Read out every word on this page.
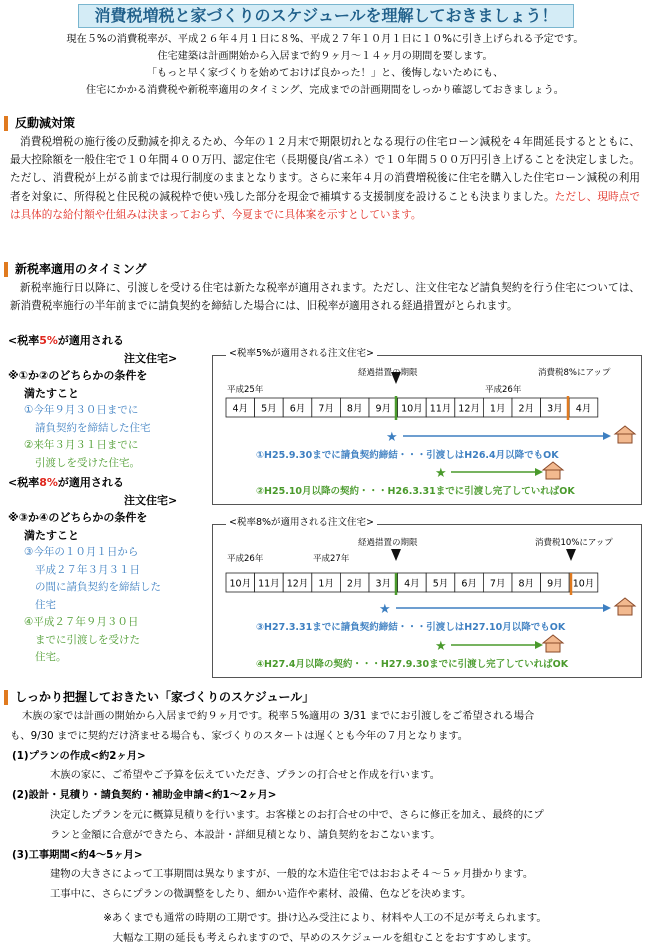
消費税増税と家づくりのスケジュールを理解しておきましょう！
現在５%の消費税率が、平成２６年４月１日に８%、平成２７年１０月１日に１０%に引き上げられる予定です。
住宅建築は計画開始から入居まで約９ヶ月～１４ヶ月の期間を要します。
「もっと早く家づくりを始めておけば良かった！」と、後悔しないためにも、
住宅にかかる消費税や新税率適用のタイミング、完成までの計画期間をしっかり確認しておきましょう。
反動減対策
消費税増税の施行後の反動減を抑えるため、今年の１２月末で期限切れとなる現行の住宅ローン減税を４年間延長するとともに、最大控除額を一般住宅で１０年間４００万円、認定住宅（長期優良/省エネ）で１０年間５００万円引き上げることを決定しました。ただし、消費税が上がる前までは現行制度のままとなります。さらに来年４月の消費増税後に住宅を購入した住宅ローン減税の利用者を対象に、所得税と住民税の減税枠で使い残した部分を現金で補填する支援制度を設けることも決まりました。ただし、現時点では具体的な給付額や仕組みは決まっておらず、今夏までに具体案を示すとしています。
新税率適用のタイミング
新税率施行日以降に、引渡しを受ける住宅は新たな税率が適用されます。ただし、注文住宅など請負契約を行う住宅については、新消費税率施行の半年前までに請負契約を締結した場合には、旧税率が適用される経過措置がとられます。
<税率5%が適用される
注文住宅>
※①か②のどちらかの条件を
満たすこと
①今年９月３０日までに
請負契約を締結した住宅
②来年３月３１日までに
引渡しを受けた住宅。
<税率8%が適用される
注文住宅>
※③か④のどちらかの条件を
満たすこと
③今年の１０月１日から
平成２７年３月３１日
の間に請負契約を締結した
住宅
④平成２７年９月３０日
までに引渡しを受けた
住宅。
4月 5月 6月 7月 8月 9月 10月 11月 12月 1月 2月 3月 4月
★
★
経過措置の期限	消費税8%にアップ
平成25年	平成26年
①H25.9.30までに請負契約締結・・・引渡しはH26.4月以降でもOK
②H25.10月以降の契約・・・H26.3.31までに引渡し完了していればOK
<税率5%が適用される注文住宅>
10月 11月 12月 1月 2月 3月 4月 5月 6月 7月 8月 9月 10月
★
★
経過措置の期限	消費税10%にアップ
平成26年	平成27年
③H27.3.31までに請負契約締結・・・引渡しはH27.10月以降でもOK
④H27.4月以降の契約・・・H27.9.30までに引渡し完了していればOK
<税率8%が適用される注文住宅>
しっかり把握しておきたい「家づくりのスケジュール」
木族の家では計画の開始から入居まで約９ヶ月です。税率５%適用の 3/31 までにお引渡しをご希望される場合
も、9/30 までに契約だけ済ませる場合も、家づくりのスタートは遅くとも今年の７月となります。
(1)プランの作成<約2ヶ月>
木族の家に、ご希望やご予算を伝えていただき、プランの打合せと作成を行います。
(2)設計・見積り・請負契約・補助金申請<約1～2ヶ月>
決定したプランを元に概算見積りを行います。お客様とのお打合せの中で、さらに修正を加え、最終的にプ
ランと金額に合意ができたら、本設計・詳細見積となり、請負契約をおこないます。
(3)工事期間<約4～5ヶ月>
建物の大きさによって工事期間は異なりますが、一般的な木造住宅ではおおよそ４～５ヶ月掛かります。
工事中に、さらにプランの微調整をしたり、細かい造作や素材、設備、色などを決めます。
※あくまでも通常の時期の工期です。掛け込み受注により、材料や人工の不足が考えられます。
大幅な工期の延長も考えられますので、早めのスケジュールを組むことをおすすめします。
